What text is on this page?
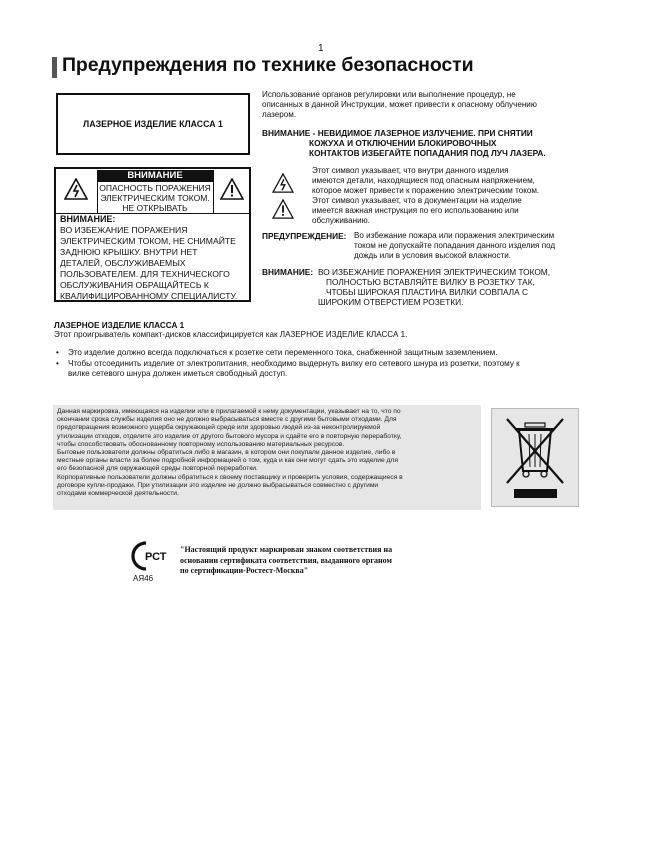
1
Предупреждения по технике безопасности
ЛАЗЕРНОЕ ИЗДЕЛИЕ КЛАССА 1
ВНИМАНИЕ
ОПАСНОСТЬ ПОРАЖЕНИЯ
ЭЛЕКТРИЧЕСКИМ ТОКОМ.
НЕ ОТКРЫВАТЬ
ВНИМАНИЕ:
ВО ИЗБЕЖАНИЕ ПОРАЖЕНИЯ
ЭЛЕКТРИЧЕСКИМ ТОКОМ, НЕ СНИМАЙТЕ
ЗАДНЮЮ КРЫШКУ. ВНУТРИ НЕТ
ДЕТАЛЕЙ, ОБСЛУЖИВАЕМЫХ
ПОЛЬЗОВАТЕЛЕМ. ДЛЯ ТЕХНИЧЕСКОГО
ОБСЛУЖИВАНИЯ ОБРАЩАЙТЕСЬ К
КВАЛИФИЦИРОВАННОМУ СПЕЦИАЛИСТУ.
Использование органов регулировки или выполнение процедур, не
описанных в данной Инструкции, может привести к опасному облучению
лазером.
ВНИМАНИЕ - НЕВИДИМОЕ ЛАЗЕРНОЕ ИЗЛУЧЕНИЕ. ПРИ СНЯТИИ
КОЖУХА И ОТКЛЮЧЕНИИ БЛОКИРОВОЧНЫХ
КОНТАКТОВ ИЗБЕГАЙТЕ ПОПАДАНИЯ ПОД ЛУЧ ЛАЗЕРА.
Этот символ указывает, что внутри данного изделия
имеются детали, находящиеся под опасным напряжением,
которое может привести к поражению электрическим током.
Этот символ указывает, что в документации на изделие
имеется важная инструкция по его использованию или
обслуживанию.
ПРЕДУПРЕЖДЕНИЕ: Во избежание пожара или поражения электрическим
током не допускайте попадания данного изделия под
дождь или в условия высокой влажности.
ВНИМАНИЕ: ВО ИЗБЕЖАНИЕ ПОРАЖЕНИЯ ЭЛЕКТРИЧЕСКИМ ТОКОМ,
ПОЛНОСТЬЮ ВСТАВЛЯЙТЕ ВИЛКУ В РОЗЕТКУ ТАК,
ЧТОБЫ ШИРОКАЯ ПЛАСТИНА ВИЛКИ СОВПАЛА С
ШИРОКИМ ОТВЕРСТИЕМ РОЗЕТКИ.
ЛАЗЕРНОЕ ИЗДЕЛИЕ КЛАССА 1
Этот проигрыватель компакт-дисков классифицируется как ЛАЗЕРНОЕ ИЗДЕЛИЕ КЛАССА 1.
• Это изделие должно всегда подключаться к розетке сети переменного тока, снабженной защитным заземлением.
• Чтобы отсоединить изделие от электропитания, необходимо выдернуть вилку его сетевого шнура из розетки, поэтому к
вилке сетевого шнура должен иметься свободный доступ.
Данная маркировка, имеющаяся на изделии или в прилагаемой к нему документации, указывает на то, что по
окончании срока службы изделия оно не должно выбрасываться вместе с другими бытовыми отходами. Для
предотвращения возможного ущерба окружающей среде или здоровью людей из-за неконтролируемой
утилизации отходов, отделите это изделие от другого бытового мусора и сдайте его в повторную переработку,
чтобы способствовать обоснованному повторному использованию материальных ресурсов.
Бытовые пользователи должны обратиться либо в магазин, в котором они покупали данное изделие, либо в
местные органы власти за более подробной информацией о том, куда и как они могут сдать это изделие для
его безопасной для окружающей среды повторной переработки.
Корпоративные пользователи должны обратиться к своему поставщику и проверить условия, содержащиеся в
договоре купли-продажи. При утилизации это изделие не должно выбрасываться совместно с другими
отходами коммерческой деятельности.
РСТ
АЯ46
"Настоящий продукт маркирован знаком соответствия на
основании сертификата соответствия, выданного органом
по сертификации-Ростест-Москва"
